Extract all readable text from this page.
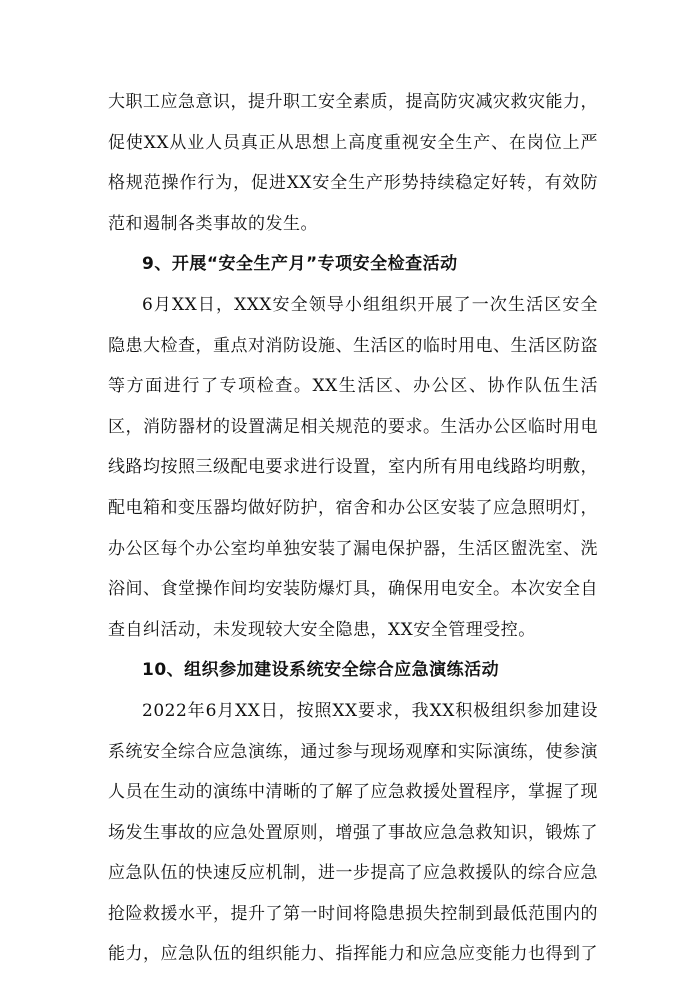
大职工应急意识，提升职工安全素质，提高防灾减灾救灾能力，促使XX从业人员真正从思想上高度重视安全生产、在岗位上严格规范操作行为，促进XX安全生产形势持续稳定好转，有效防范和遏制各类事故的发生。

9、开展“安全生产月”专项安全检查活动

6月XX日，XXX安全领导小组组织开展了一次生活区安全隐患大检查，重点对消防设施、生活区的临时用电、生活区防盗等方面进行了专项检查。XX生活区、办公区、协作队伍生活区，消防器材的设置满足相关规范的要求。生活办公区临时用电线路均按照三级配电要求进行设置，室内所有用电线路均明敷，配电箱和变压器均做好防护，宿舍和办公区安装了应急照明灯，办公区每个办公室均单独安装了漏电保护器，生活区盥洗室、洗浴间、食堂操作间均安装防爆灯具，确保用电安全。本次安全自查自纠活动，未发现较大安全隐患，XX安全管理受控。

10、组织参加建设系统安全综合应急演练活动

2022年6月XX日，按照XX要求，我XX积极组织参加建设系统安全综合应急演练，通过参与现场观摩和实际演练，使参演人员在生动的演练中清晰的了解了应急救援处置程序，掌握了现场发生事故的应急处置原则，增强了事故应急急救知识，锻炼了应急队伍的快速反应机制，进一步提高了应急救援队的综合应急抢险救援水平，提升了第一时间将隐患损失控制到最低范围内的能力，应急队伍的组织能力、指挥能力和应急应变能力也得到了
